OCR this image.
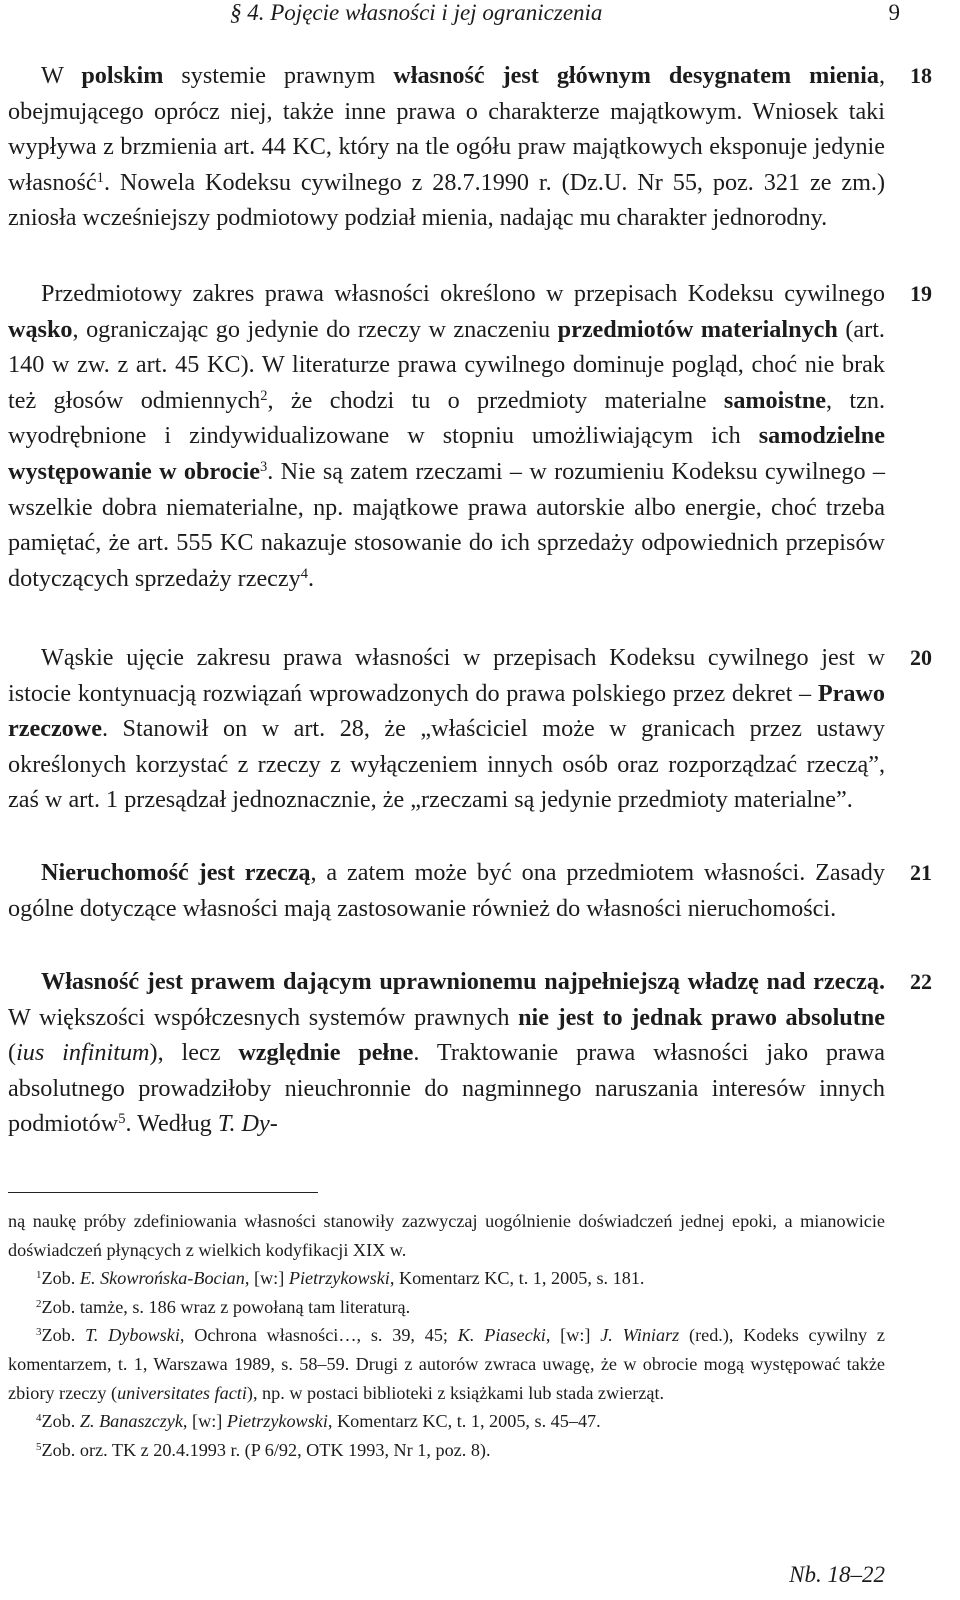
§ 4. Pojęcie własności i jej ograniczenia	9

W polskim systemie prawnym własność jest głównym desygnatem mienia, obejmującego oprócz niej, także inne prawa o charakterze majątkowym. Wniosek taki wypływa z brzmienia art. 44 KC, który na tle ogółu praw majątkowych eksponuje jedynie własność$^1$. Nowela Kodeksu cywilnego z 28.7.1990 r. (Dz.U. Nr 55, poz. 321 ze zm.) zniosła wcześniejszy podmiotowy podział mienia, nadając mu charakter jednorodny.

18

Przedmiotowy zakres prawa własności określono w przepisach Kodeksu cywilnego wąsko, ograniczając go jedynie do rzeczy w znaczeniu przedmiotów materialnych (art. 140 w zw. z art. 45 KC). W literaturze prawa cywilnego dominuje pogląd, choć nie brak też głosów odmiennych$^2$, że chodzi tu o przedmioty materialne samoistne, tzn. wyodrębnione i zindywidualizowane w stopniu umożliwiającym ich samodzielne występowanie w obrocie$^3$. Nie są zatem rzeczami – w rozumieniu Kodeksu cywilnego – wszelkie dobra niematerialne, np. majątkowe prawa autorskie albo energie, choć trzeba pamiętać, że art. 555 KC nakazuje stosowanie do ich sprzedaży odpowiednich przepisów dotyczących sprzedaży rzeczy$^4$.

19

Wąskie ujęcie zakresu prawa własności w przepisach Kodeksu cywilnego jest w istocie kontynuacją rozwiązań wprowadzonych do prawa polskiego przez dekret – Prawo rzeczowe. Stanowił on w art. 28, że „właściciel może w granicach przez ustawy określonych korzystać z rzeczy z wyłączeniem innych osób oraz rozporządzać rzeczą”, zaś w art. 1 przesądzał jednoznacznie, że „rzeczami są jedynie przedmioty materialne”.

20

Nieruchomość jest rzeczą, a zatem może być ona przedmiotem własności. Zasady ogólne dotyczące własności mają zastosowanie również do własności nieruchomości.

21

Własność jest prawem dającym uprawnionemu najpełniejszą władzę nad rzeczą. W większości współczesnych systemów prawnych nie jest to jednak prawo absolutne (ius infinitum), lecz względnie pełne. Traktowanie prawa własności jako prawa absolutnego prowadziłoby nieuchronnie do nagminnego naruszania interesów innych podmiotów$^5$. Według T. Dy-

22

ną naukę próby zdefiniowania własności stanowiły zazwyczaj uogólnienie doświadczeń jednej epoki, a mianowicie doświadczeń płynących z wielkich kodyfikacji XIX w.

$^1$Zob. E. Skowrońska-Bocian, [w:] Pietrzykowski, Komentarz KC, t. 1, 2005, s. 181.

$^2$Zob. tamże, s. 186 wraz z powołaną tam literaturą.

$^3$Zob. T. Dybowski, Ochrona własności…, s. 39, 45; K. Piasecki, [w:] J. Winiarz (red.), Kodeks cywilny z komentarzem, t. 1, Warszawa 1989, s. 58–59. Drugi z autorów zwraca uwagę, że w obrocie mogą występować także zbiory rzeczy (universitates facti), np. w postaci biblioteki z książkami lub stada zwierząt.

$^4$Zob. Z. Banaszczyk, [w:] Pietrzykowski, Komentarz KC, t. 1, 2005, s. 45–47.

$^5$Zob. orz. TK z 20.4.1993 r. (P 6/92, OTK 1993, Nr 1, poz. 8).

Nb. 18–22
